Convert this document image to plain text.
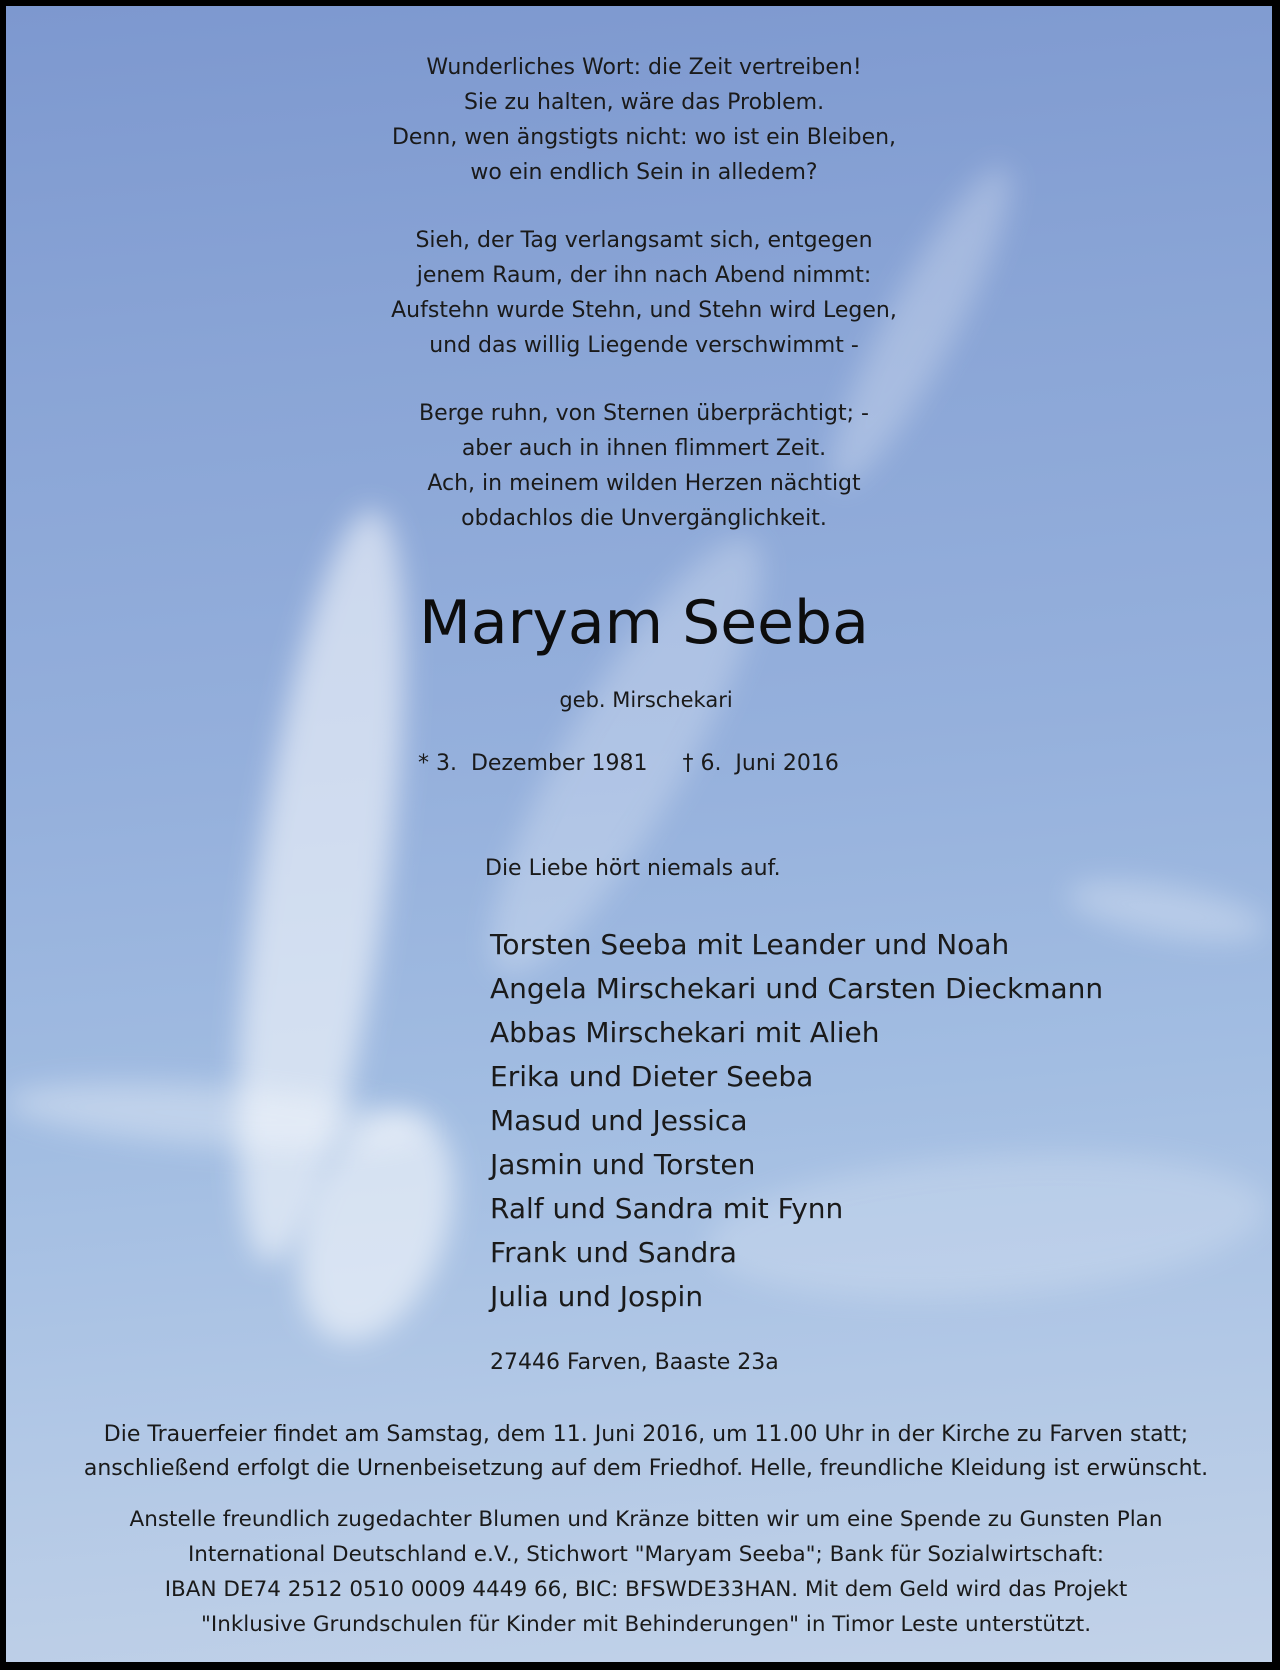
Wunderliches Wort: die Zeit vertreiben!
Sie zu halten, wäre das Problem.
Denn, wen ängstigts nicht: wo ist ein Bleiben,
wo ein endlich Sein in alledem?
Sieh, der Tag verlangsamt sich, entgegen
jenem Raum, der ihn nach Abend nimmt:
Aufstehn wurde Stehn, und Stehn wird Legen,
und das willig Liegende verschwimmt -
Berge ruhn, von Sternen überprächtigt; -
aber auch in ihnen flimmert Zeit.
Ach, in meinem wilden Herzen nächtigt
obdachlos die Unvergänglichkeit.
Maryam Seeba
geb. Mirschekari
* 3.  Dezember 1981     † 6.  Juni 2016
Die Liebe hört niemals auf.
Torsten Seeba mit Leander und Noah
Angela Mirschekari und Carsten Dieckmann
Abbas Mirschekari mit Alieh
Erika und Dieter Seeba
Masud und Jessica
Jasmin und Torsten
Ralf und Sandra mit Fynn
Frank und Sandra
Julia und Jospin
27446 Farven, Baaste 23a
Die Trauerfeier findet am Samstag, dem 11. Juni 2016, um 11.00 Uhr in der Kirche zu Farven statt;
anschließend erfolgt die Urnenbeisetzung auf dem Friedhof. Helle, freundliche Kleidung ist erwünscht.
Anstelle freundlich zugedachter Blumen und Kränze bitten wir um eine Spende zu Gunsten Plan
International Deutschland e.V., Stichwort "Maryam Seeba"; Bank für Sozialwirtschaft:
IBAN DE74 2512 0510 0009 4449 66, BIC: BFSWDE33HAN. Mit dem Geld wird das Projekt
"Inklusive Grundschulen für Kinder mit Behinderungen" in Timor Leste unterstützt.
